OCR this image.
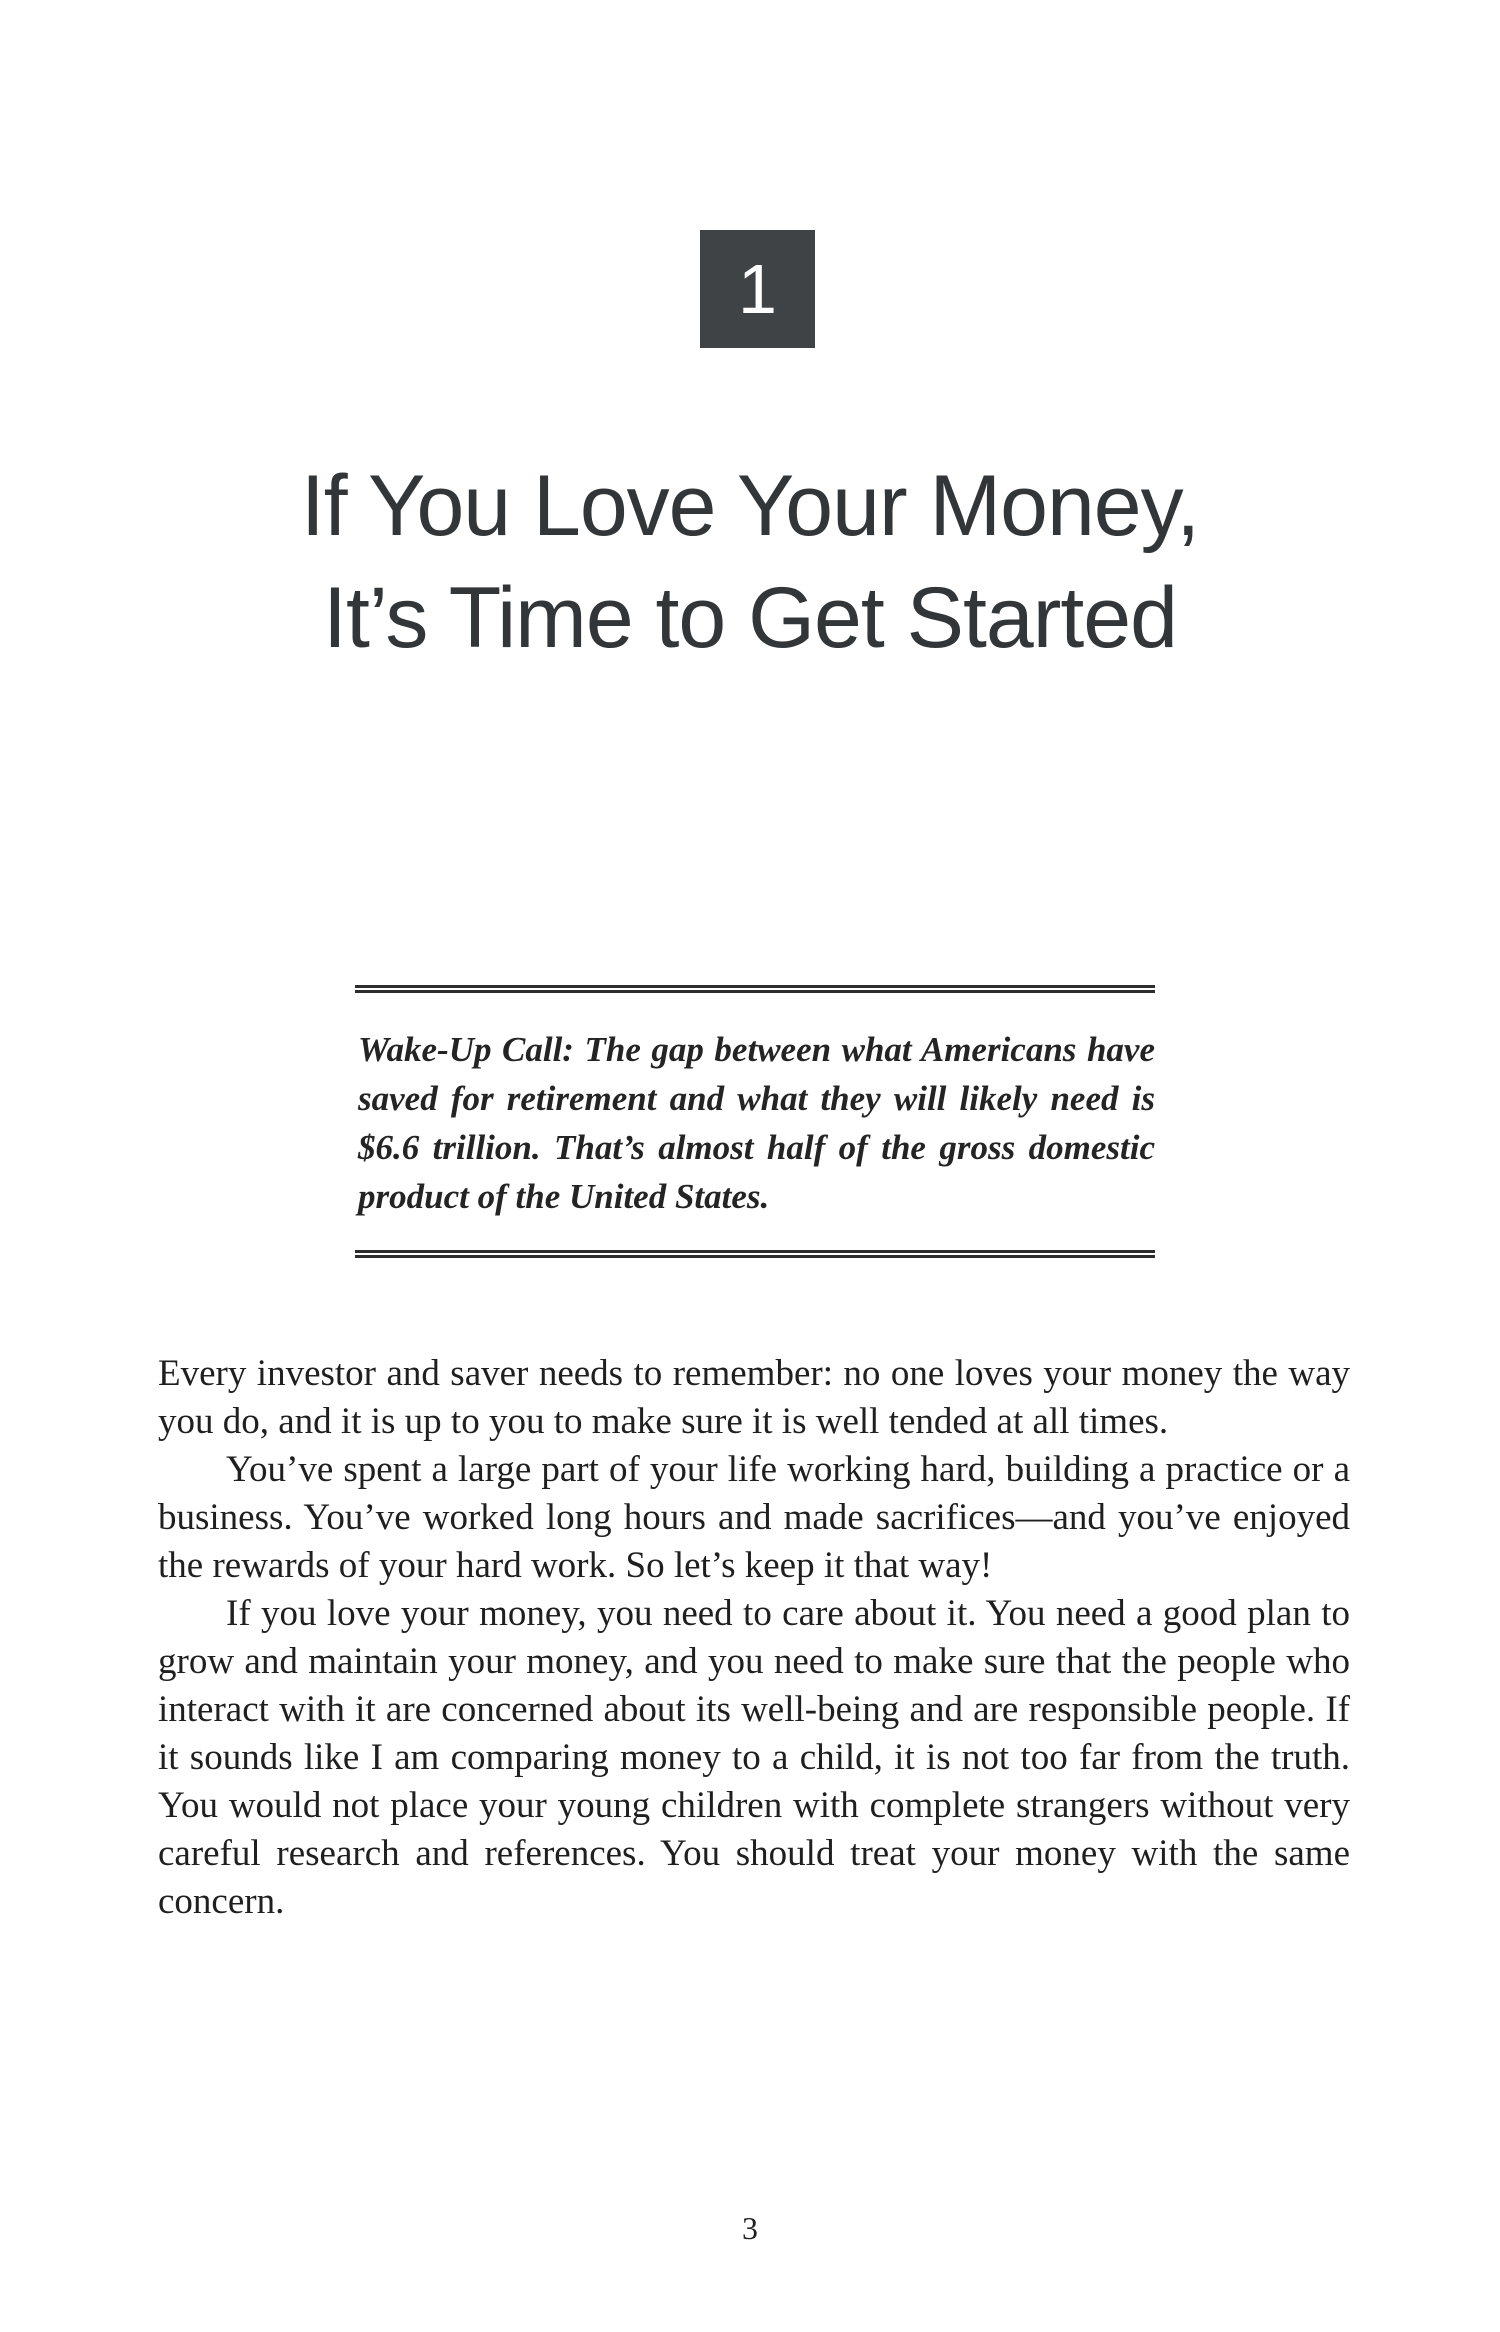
1
If You Love Your Money,
It’s Time to Get Started
Wake-Up Call: The gap between what Americans have saved for retirement and what they will likely need is $6.6 trillion. That’s almost half of the gross domestic product of the United States.

Every investor and saver needs to remember: no one loves your money the way you do, and it is up to you to make sure it is well tended at all times.

You’ve spent a large part of your life working hard, building a practice or a business. You’ve worked long hours and made sacrifices—and you’ve enjoyed the rewards of your hard work. So let’s keep it that way!

If you love your money, you need to care about it. You need a good plan to grow and maintain your money, and you need to make sure that the people who interact with it are concerned about its well-being and are responsible people. If it sounds like I am comparing money to a child, it is not too far from the truth. You would not place your young children with complete strangers without very careful research and references. You should treat your money with the same concern.

3
